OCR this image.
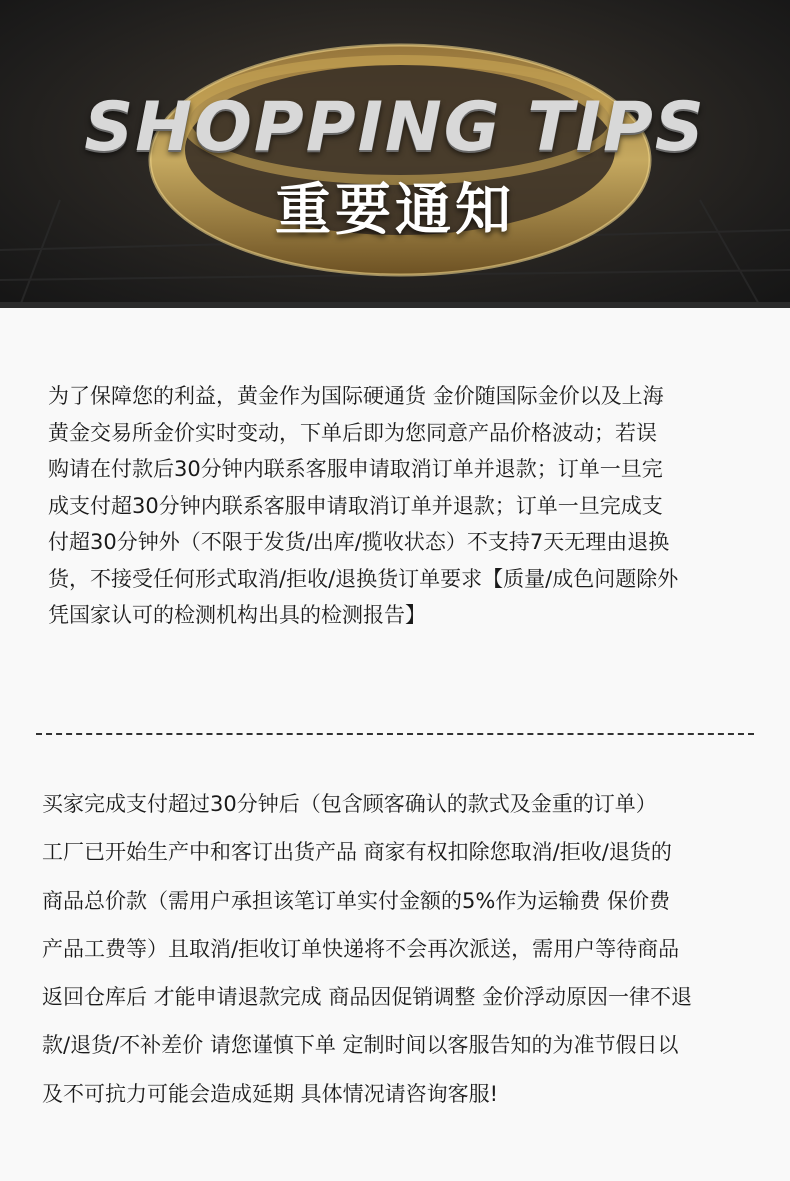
SHOPPING TIPS
重要通知
为了保障您的利益，黄金作为国际硬通货 金价随国际金价以及上海
黄金交易所金价实时变动，下单后即为您同意产品价格波动；若误
购请在付款后30分钟内联系客服申请取消订单并退款；订单一旦完
成支付超30分钟内联系客服申请取消订单并退款；订单一旦完成支
付超30分钟外（不限于发货/出库/揽收状态）不支持7天无理由退换
货，不接受任何形式取消/拒收/退换货订单要求【质量/成色问题除外
凭国家认可的检测机构出具的检测报告】
买家完成支付超过30分钟后（包含顾客确认的款式及金重的订单）
工厂已开始生产中和客订出货产品 商家有权扣除您取消/拒收/退货的
商品总价款（需用户承担该笔订单实付金额的5%作为运输费 保价费
产品工费等）且取消/拒收订单快递将不会再次派送，需用户等待商品
返回仓库后 才能申请退款完成 商品因促销调整 金价浮动原因一律不退
款/退货/不补差价 请您谨慎下单 定制时间以客服告知的为准节假日以
及不可抗力可能会造成延期 具体情况请咨询客服!
